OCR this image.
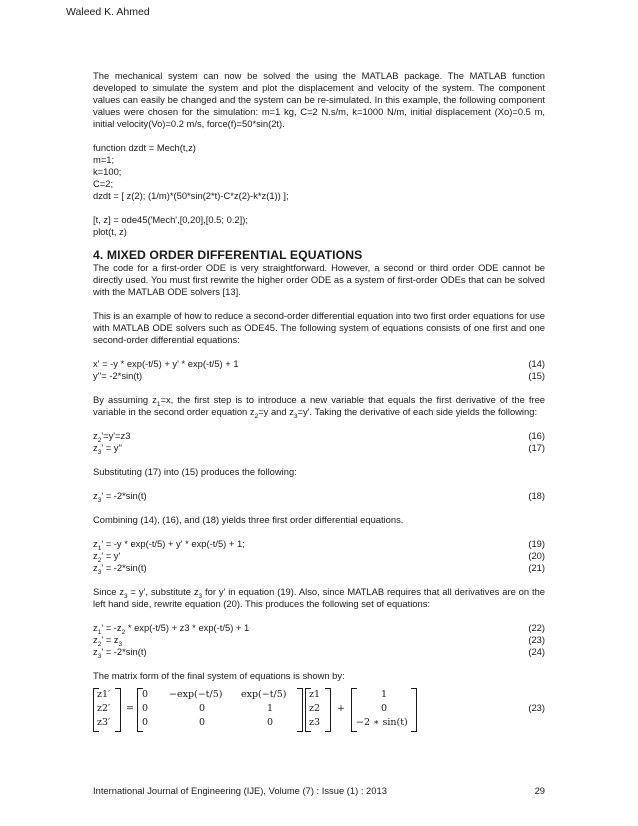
Waleed K. Ahmed

The mechanical system can now be solved the using the MATLAB package. The MATLAB function developed to simulate the system and plot the displacement and velocity of the system. The component values can easily be changed and the system can be re-simulated. In this example, the following component values were chosen for the simulation: m=1 kg, C=2 N.s/m, k=1000 N/m, initial displacement (Xo)=0.5 m, initial velocity(Vo)=0.2 m/s, force(f)=50*sin(2t).

function dzdt = Mech(t,z)

m=1;

k=100;

C=2;

dzdt = [ z(2); (1/m)*(50*sin(2*t)-C*z(2)-k*z(1)) ];

[t, z] = ode45('Mech',[0,20],[0.5; 0.2]);

plot(t, z)

4. MIXED ORDER DIFFERENTIAL EQUATIONS

The code for a first-order ODE is very straightforward. However, a second or third order ODE cannot be directly used. You must first rewrite the higher order ODE as a system of first-order ODEs that can be solved with the MATLAB ODE solvers [13].

This is an example of how to reduce a second-order differential equation into two first order equations for use with MATLAB ODE solvers such as ODE45. The following system of equations consists of one first and one second-order differential equations:

x' = -y * exp(-t/5) + y' * exp(-t/5) + 1	(14)
y''= -2*sin(t)	(15)

By assuming $z_1=x$, the first step is to introduce a new variable that equals the first derivative of the free variable in the second order equation $z_2=y$ and $z_3=y'$. Taking the derivative of each side yields the following:

$z_2'=y'=z3$	(16)
$z_3' = y''$	(17)

Substituting (17) into (15) produces the following:

$z_3' = -2*\sin(t)$	(18)

Combining (14), (16), and (18) yields three first order differential equations.

$z_1' = -y * \exp(-t/5) + y' * \exp(-t/5) + 1$;	(19)
$z_2' = y'$	(20)
$z_3' = -2*\sin(t)$	(21)

Since $z_3 = y'$, substitute $z_3$ for y' in equation (19). Also, since MATLAB requires that all derivatives are on the left hand side, rewrite equation (20). This produces the following set of equations:

$z_1' = -z_2 * \exp(-t/5) + z3 * \exp(-t/5) + 1$	(22)
$z_2' = z_3$	(23)
$z_3' = -2*\sin(t)$	(24)

The matrix form of the final system of equations is shown by:

z1′
z2′
z3′
=
0 −exp(−t/5) exp(−t/5)
0	0	1
0	0	0
z1
z2
z3
+
1
0
−2 ∗ sin(t)
(23)
International Journal of Engineering (IJE), Volume (7) : Issue (1) : 2013	29
